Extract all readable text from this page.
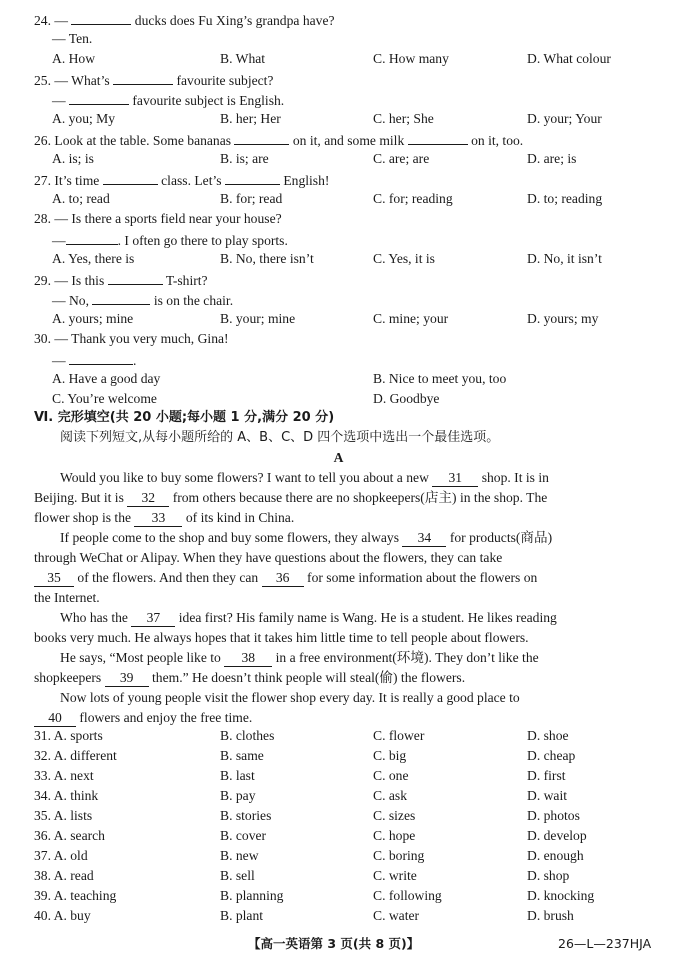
24. —	ducks does Fu Xing’s grandpa have?
— Ten.
A. How	B. What	C. How many	D. What colour
25. — What’s	favourite subject?
—	favourite subject is English.
A. you; My	B. her; Her	C. her; She	D. your; Your
26. Look at the table. Some bananas	on it, and some milk	on it, too.
A. is; is	B. is; are	C. are; are	D. are; is
27. It’s time	class. Let’s	English!
A. to; read	B. for; read	C. for; reading	D. to; reading
28. — Is there a sports field near your house?
—	. I often go there to play sports.
A. Yes, there is	B. No, there isn’t	C. Yes, it is	D. No, it isn’t
29. — Is this	T-shirt?
— No,	is on the chair.
A. yours; mine	B. your; mine	C. mine; your	D. yours; my
30. — Thank you very much, Gina!
—	.
A. Have a good day	B. Nice to meet you, too
C. You’re welcome	D. Goodbye
Ⅵ. 完形填空(共 20 小题;每小题 1 分,满分 20 分)
阅读下列短文,从每小题所给的 A、B、C、D 四个选项中选出一个最佳选项。
A
Would you like to buy some flowers? I want to tell you about a new 31 shop. It is in
Beijing. But it is 32 from others because there are no shopkeepers(店主) in the shop. The
flower shop is the 33 of its kind in China.
If people come to the shop and buy some flowers, they always 34 for products(商品)
through WeChat or Alipay. When they have questions about the flowers, they can take
35 of the flowers. And then they can 36 for some information about the flowers on
the Internet.
Who has the 37 idea first? His family name is Wang. He is a student. He likes reading
books very much. He always hopes that it takes him little time to tell people about flowers.
He says, “Most people like to 38 in a free environment(环境). They don’t like the
shopkeepers 39 them.” He doesn’t think people will steal(偷) the flowers.
Now lots of young people visit the flower shop every day. It is really a good place to
40 flowers and enjoy the free time.
31. A. sports	B. clothes	C. flower	D. shoe
32. A. different	B. same	C. big	D. cheap
33. A. next	B. last	C. one	D. first
34. A. think	B. pay	C. ask	D. wait
35. A. lists	B. stories	C. sizes	D. photos
36. A. search	B. cover	C. hope	D. develop
37. A. old	B. new	C. boring	D. enough
38. A. read	B. sell	C. write	D. shop
39. A. teaching	B. planning	C. following	D. knocking
40. A. buy	B. plant	C. water	D. brush
【高一英语第 3 页(共 8 页)】	26—L—237HJA
